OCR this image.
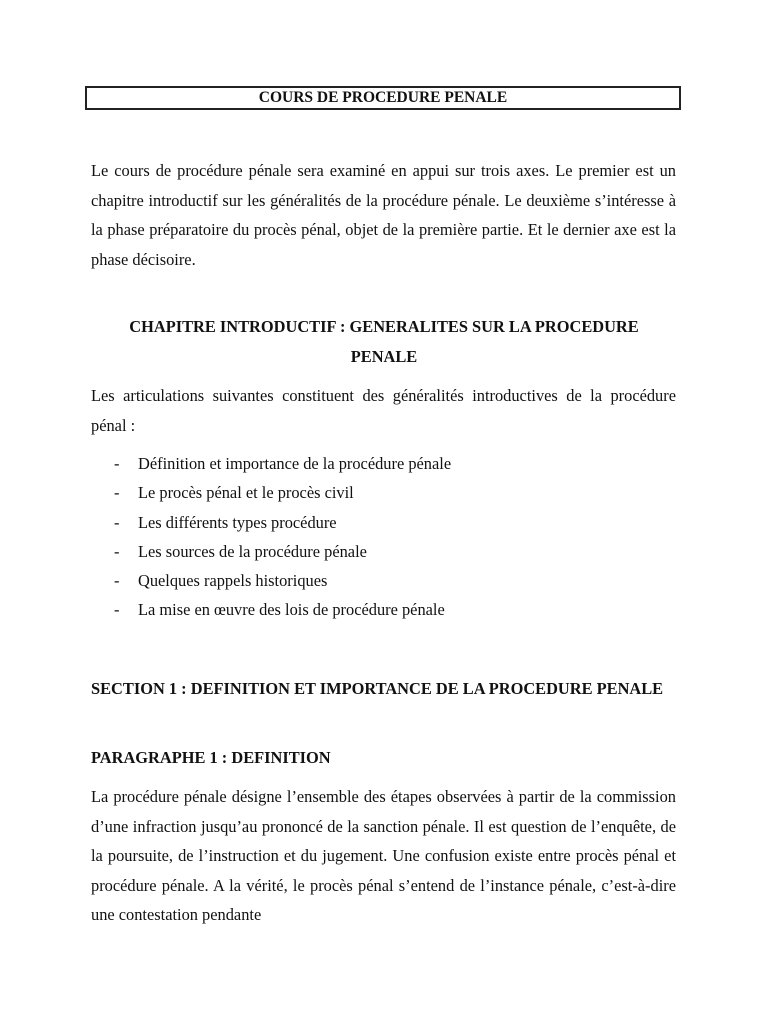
COURS DE PROCEDURE PENALE
Le cours de procédure pénale sera examiné en appui sur trois axes. Le premier est un chapitre introductif sur les généralités de la procédure pénale. Le deuxième s’intéresse à la phase préparatoire du procès pénal, objet de la première partie. Et le dernier axe est la phase décisoire.
CHAPITRE INTRODUCTIF : GENERALITES SUR LA PROCEDURE PENALE
Les articulations suivantes constituent des généralités introductives de la procédure pénal :
- Définition et importance de la procédure pénale
- Le procès pénal et le procès civil
- Les différents types procédure
- Les sources de la procédure pénale
- Quelques rappels historiques
- La mise en œuvre des lois de procédure pénale
SECTION 1 : DEFINITION ET IMPORTANCE DE LA PROCEDURE PENALE
PARAGRAPHE 1 : DEFINITION
La procédure pénale désigne l’ensemble des étapes observées à partir de la commission d’une infraction jusqu’au prononcé de la sanction pénale. Il est question de l’enquête, de la poursuite, de l’instruction et du jugement. Une confusion existe entre procès pénal et procédure pénale. A la vérité, le procès pénal s’entend de l’instance pénale, c’est-à-dire une contestation pendante
